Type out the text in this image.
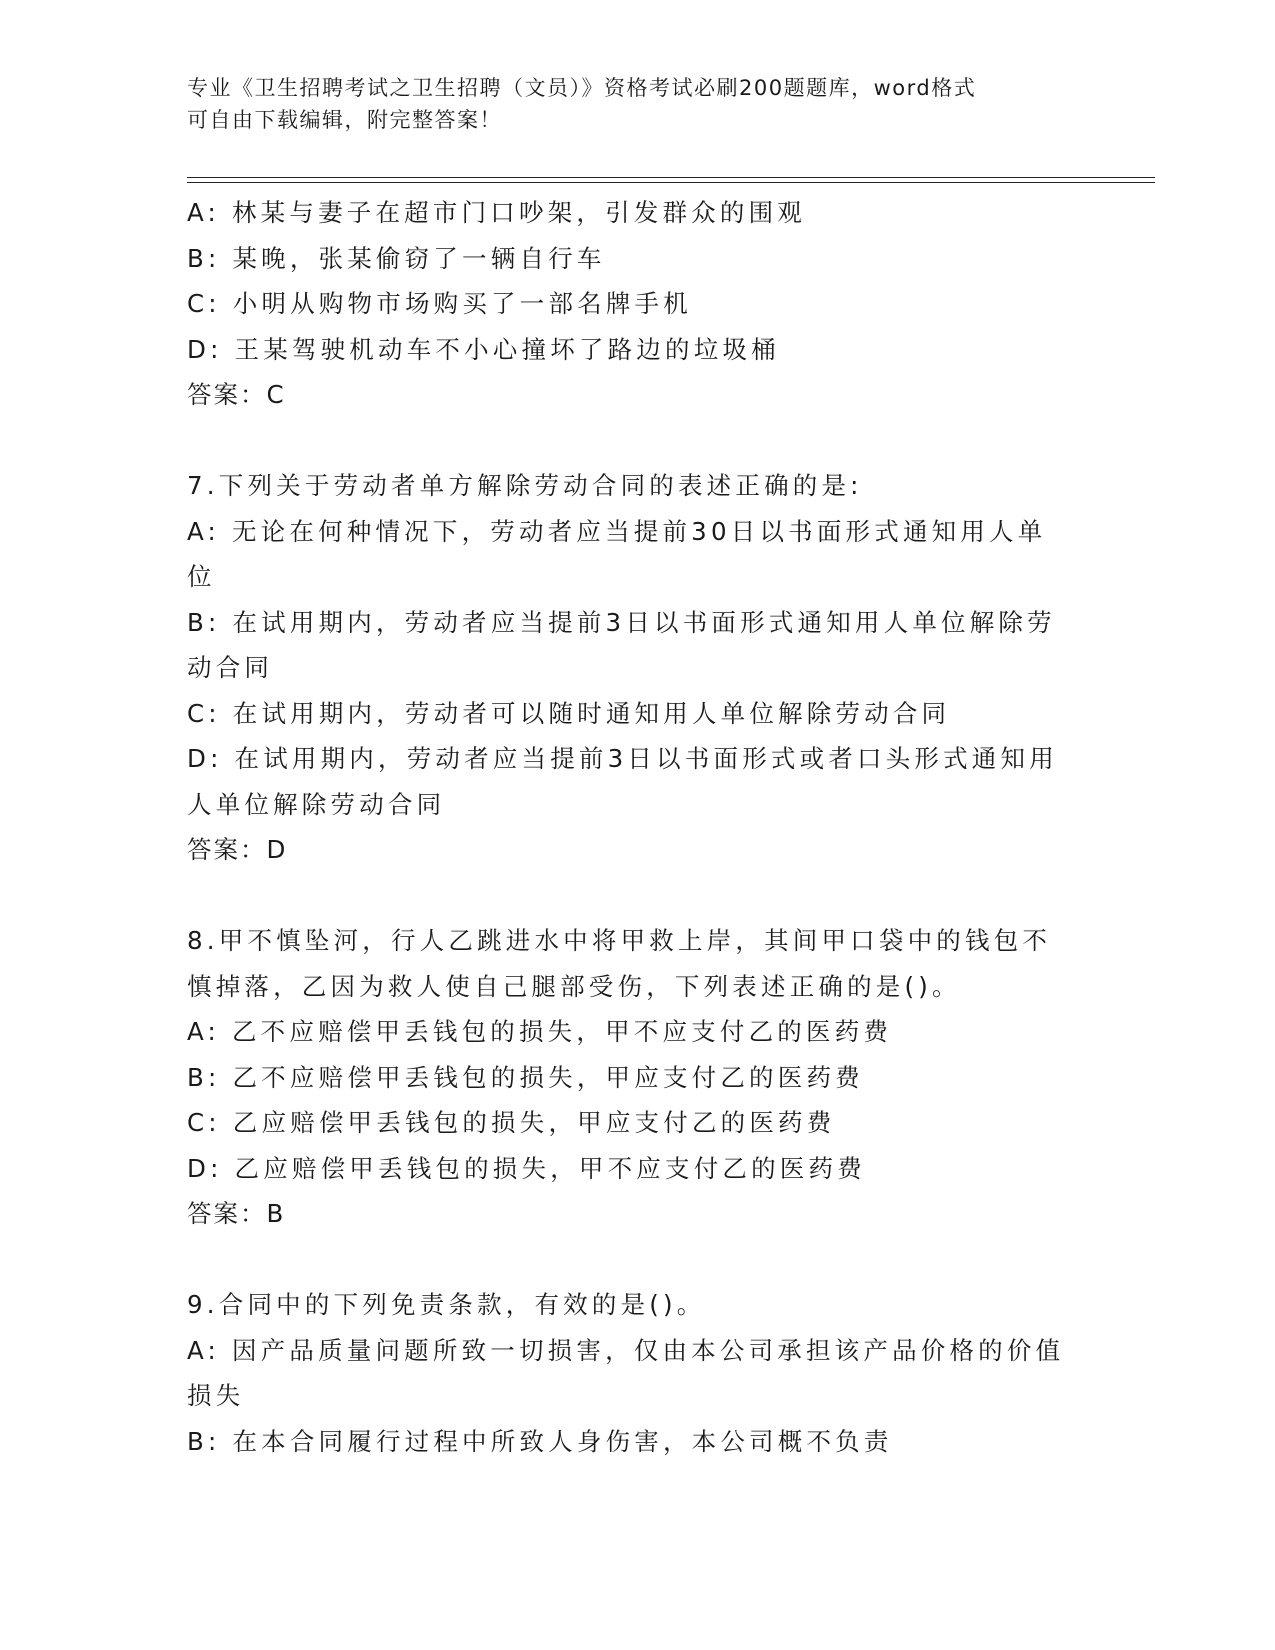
专业《卫生招聘考试之卫生招聘（文员）》资格考试必刷200题题库，word格式
可自由下载编辑，附完整答案！
A: 林某与妻子在超市门口吵架，引发群众的围观
B: 某晚，张某偷窃了一辆自行车
C: 小明从购物市场购买了一部名牌手机
D: 王某驾驶机动车不小心撞坏了路边的垃圾桶
答案：C
7.下列关于劳动者单方解除劳动合同的表述正确的是:
A: 无论在何种情况下，劳动者应当提前30日以书面形式通知用人单
位
B: 在试用期内，劳动者应当提前3日以书面形式通知用人单位解除劳
动合同
C: 在试用期内，劳动者可以随时通知用人单位解除劳动合同
D: 在试用期内，劳动者应当提前3日以书面形式或者口头形式通知用
人单位解除劳动合同
答案：D
8.甲不慎坠河，行人乙跳进水中将甲救上岸，其间甲口袋中的钱包不
慎掉落，乙因为救人使自己腿部受伤，下列表述正确的是()。
A: 乙不应赔偿甲丢钱包的损失，甲不应支付乙的医药费
B: 乙不应赔偿甲丢钱包的损失，甲应支付乙的医药费
C: 乙应赔偿甲丢钱包的损失，甲应支付乙的医药费
D: 乙应赔偿甲丢钱包的损失，甲不应支付乙的医药费
答案：B
9.合同中的下列免责条款，有效的是()。
A: 因产品质量问题所致一切损害，仅由本公司承担该产品价格的价值
损失
B: 在本合同履行过程中所致人身伤害，本公司概不负责
